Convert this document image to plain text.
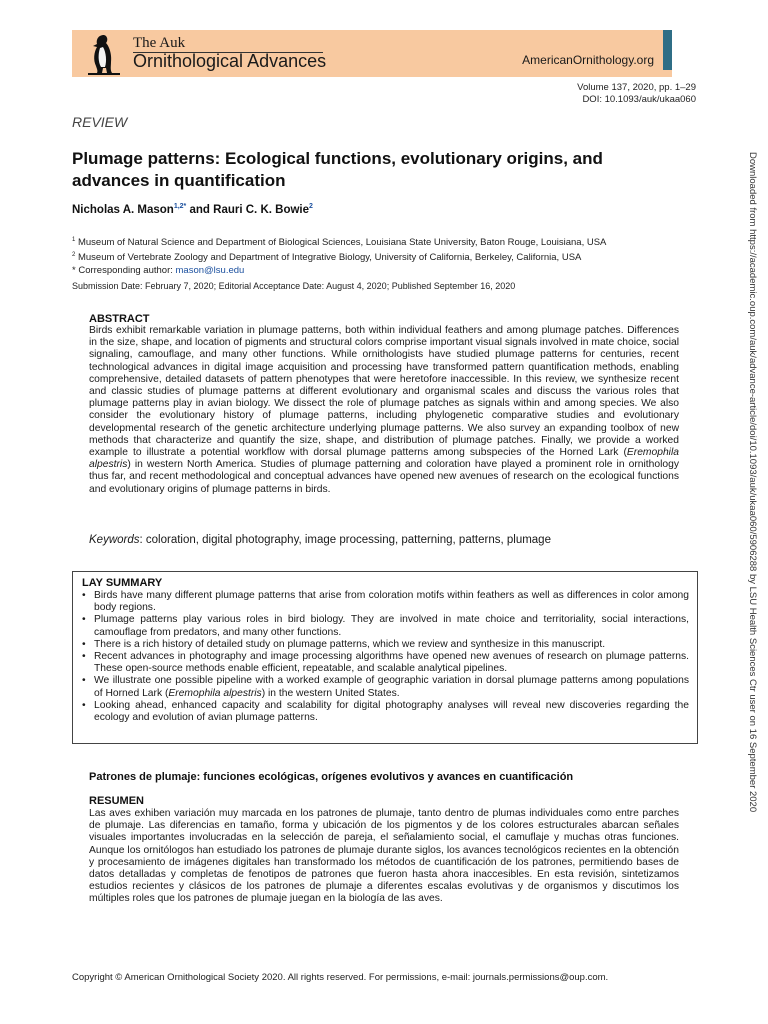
The Auk
Ornithological Advances	AmericanOrnithology.org
Volume 137, 2020, pp. 1–29
DOI: 10.1093/auk/ukaa060
REVIEW
Plumage patterns: Ecological functions, evolutionary origins, and advances in quantification
Nicholas A. Mason$^{1,2*}$ and Rauri C. K. Bowie$^2$
$^1$ Museum of Natural Science and Department of Biological Sciences, Louisiana State University, Baton Rouge, Louisiana, USA
$^2$ Museum of Vertebrate Zoology and Department of Integrative Biology, University of California, Berkeley, California, USA
* Corresponding author: mason@lsu.edu
Submission Date: February 7, 2020; Editorial Acceptance Date: August 4, 2020; Published September 16, 2020
ABSTRACT
Birds exhibit remarkable variation in plumage patterns, both within individual feathers and among plumage patches. Differences in the size, shape, and location of pigments and structural colors comprise important visual signals involved in mate choice, social signaling, camouflage, and many other functions. While ornithologists have studied plumage patterns for centuries, recent technological advances in digital image acquisition and processing have transformed pattern quantification methods, enabling comprehensive, detailed datasets of pattern phenotypes that were heretofore inaccessible. In this review, we synthesize recent and classic studies of plumage patterns at different evolutionary and organismal scales and discuss the various roles that plumage patterns play in avian biology. We dissect the role of plumage patches as signals within and among species. We also consider the evolutionary history of plumage patterns, including phylogenetic comparative studies and evolutionary developmental research of the genetic architecture underlying plumage patterns. We also survey an expanding toolbox of new methods that characterize and quantify the size, shape, and distribution of plumage patches. Finally, we provide a worked example to illustrate a potential workflow with dorsal plumage patterns among subspecies of the Horned Lark (Eremophila alpestris) in western North America. Studies of plumage patterning and coloration have played a prominent role in ornithology thus far, and recent methodological and conceptual advances have opened new avenues of research on the ecological functions and evolutionary origins of plumage patterns in birds.
Keywords: coloration, digital photography, image processing, patterning, patterns, plumage
LAY SUMMARY
• Birds have many different plumage patterns that arise from coloration motifs within feathers as well as differences in color among body regions.
• Plumage patterns play various roles in bird biology. They are involved in mate choice and territoriality, social interactions, camouflage from predators, and many other functions.
• There is a rich history of detailed study on plumage patterns, which we review and synthesize in this manuscript.
• Recent advances in photography and image processing algorithms have opened new avenues of research on plumage patterns. These open-source methods enable efficient, repeatable, and scalable analytical pipelines.
• We illustrate one possible pipeline with a worked example of geographic variation in dorsal plumage patterns among populations of Horned Lark (Eremophila alpestris) in the western United States.
• Looking ahead, enhanced capacity and scalability for digital photography analyses will reveal new discoveries regarding the ecology and evolution of avian plumage patterns.
Patrones de plumaje: funciones ecológicas, orígenes evolutivos y avances en cuantificación
RESUMEN
Las aves exhiben variación muy marcada en los patrones de plumaje, tanto dentro de plumas individuales como entre parches de plumaje. Las diferencias en tamaño, forma y ubicación de los pigmentos y de los colores estructurales abarcan señales visuales importantes involucradas en la selección de pareja, el señalamiento social, el camuflaje y muchas otras funciones. Aunque los ornitólogos han estudiado los patrones de plumaje durante siglos, los avances tecnológicos recientes en la obtención y procesamiento de imágenes digitales han transformado los métodos de cuantificación de los patrones, permitiendo bases de datos detalladas y completas de fenotipos de patrones que fueron hasta ahora inaccesibles. En esta revisión, sintetizamos estudios recientes y clásicos de los patrones de plumaje a diferentes escalas evolutivas y de organismos y discutimos los múltiples roles que los patrones de plumaje juegan en la biología de las aves.
Copyright © American Ornithological Society 2020. All rights reserved. For permissions, e-mail: journals.permissions@oup.com.
Downloaded from https://academic.oup.com/auk/advance-article/doi/10.1093/auk/ukaa060/5906288 by LSU Health Sciences Ctr user on 16 September 2020
